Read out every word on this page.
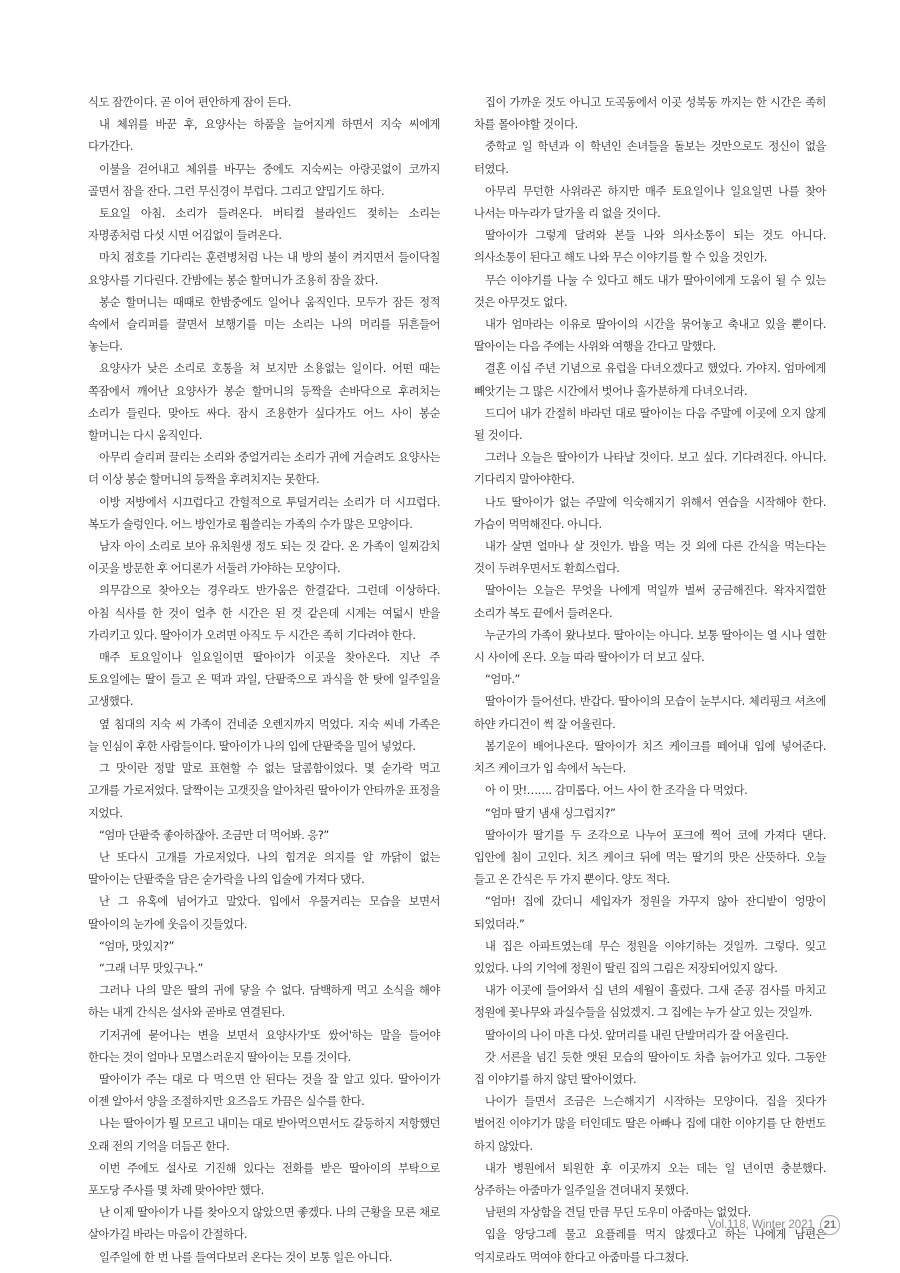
식도 잠깐이다. 곧 이어 편안하게 잠이 든다.

내 체위를 바꾼 후, 요양사는 하품을 늘어지게 하면서 지숙 씨에게 다가간다.

이불을 걷어내고 체위를 바꾸는 중에도 지숙씨는 아랑곳없이 코까지 골면서 잠을 잔다. 그런 무신경이 부럽다. 그리고 얄밉기도 하다.

토요일 아침. 소리가 들려온다. 버티컬 블라인드 젖히는 소리는 자명종처럼 다섯 시면 어김없이 들려온다.

마치 점호를 기다리는 훈련병처럼 나는 내 방의 불이 켜지면서 들이닥칠 요양사를 기다린다. 간밤에는 봉순 할머니가 조용히 잠을 잤다.

봉순 할머니는 때때로 한밤중에도 일어나 움직인다. 모두가 잠든 정적 속에서 슬리퍼를 끌면서 보행기를 미는 소리는 나의 머리를 뒤흔들어 놓는다.

요양사가 낮은 소리로 호통을 쳐 보지만 소용없는 일이다. 어떤 때는 쪽잠에서 깨어난 요양사가 봉순 할머니의 등짝을 손바닥으로 후려치는 소리가 들린다. 맞아도 싸다. 잠시 조용한가 싶다가도 어느 사이 봉순 할머니는 다시 움직인다.

아무리 슬리퍼 끌리는 소리와 중얼거리는 소리가 귀에 거슬려도 요양사는 더 이상 봉순 할머니의 등짝을 후려치지는 못한다.

이방 저방에서 시끄럽다고 간헐적으로 투덜거리는 소리가 더 시끄럽다. 복도가 술렁인다. 어느 방인가로 휩쓸리는 가족의 수가 많은 모양이다.

남자 아이 소리로 보아 유치원생 정도 되는 것 같다. 온 가족이 일찌감치 이곳을 방문한 후 어디론가 서둘러 가야하는 모양이다.

의무감으로 찾아오는 경우라도 반가움은 한결같다. 그런데 이상하다. 아침 식사를 한 것이 얼추 한 시간은 된 것 같은데 시계는 여덟시 반을 가리키고 있다. 딸아이가 오려면 아직도 두 시간은 족히 기다려야 한다.

매주 토요일이나 일요일이면 딸아이가 이곳을 찾아온다. 지난 주 토요일에는 딸이 들고 온 떡과 과일, 단팥죽으로 과식을 한 탓에 일주일을 고생했다.

옆 침대의 지숙 씨 가족이 건네준 오렌지까지 먹었다. 지숙 씨네 가족은 늘 인심이 후한 사람들이다. 딸아이가 나의 입에 단팥죽을 밀어 넣었다.

그 맛이란 정말 말로 표현할 수 없는 달콤함이었다. 몇 숟가락 먹고 고개를 가로저었다. 달짝이는 고갯짓을 알아차린 딸아이가 안타까운 표정을 지었다.

“엄마 단팥죽 좋아하잖아. 조금만 더 먹어봐. 응?”

난 또다시 고개를 가로저었다. 나의 힘겨운 의지를 알 까닭이 없는 딸아이는 단팥죽을 담은 숟가락을 나의 입술에 가져다 댔다.

난 그 유혹에 넘어가고 말았다. 입에서 우물거리는 모습을 보면서 딸아이의 눈가에 웃음이 깃들었다.

“엄마, 맛있지?”

“그래 너무 맛있구나.”

그러나 나의 말은 딸의 귀에 닿을 수 없다. 담백하게 먹고 소식을 해야 하는 내게 간식은 설사와 곧바로 연결된다.

기저귀에 묻어나는 변을 보면서 요양사가'또 쌌어'하는 말을 들어야 한다는 것이 얼마나 모멸스러운지 딸아이는 모를 것이다.

딸아이가 주는 대로 다 먹으면 안 된다는 것을 잘 알고 있다. 딸아이가 이젠 알아서 양을 조절하지만 요즈음도 가끔은 실수를 한다.

나는 딸아이가 뭘 모르고 내미는 대로 받아먹으면서도 갈등하지 저항했던 오래 전의 기억을 더듬곤 한다.

이번 주에도 설사로 기진해 있다는 전화를 받은 딸아이의 부탁으로 포도당 주사를 몇 차례 맞아야만 했다.

난 이제 딸아이가 나를 찾아오지 않았으면 좋겠다. 나의 근황을 모른 채로 살아가길 바라는 마음이 간절하다.

일주일에 한 번 나를 들여다보러 온다는 것이 보통 일은 아니다.

집이 가까운 것도 아니고 도곡동에서 이곳 성북동 까지는 한 시간은 족히 차를 몰아야할 것이다.

중학교 일 학년과 이 학년인 손녀들을 돌보는 것만으로도 정신이 없을 터였다.

아무리 무던한 사위라곤 하지만 매주 토요일이나 일요일면 나를 찾아 나서는 마누라가 달가울 리 없을 것이다.

딸아이가 그렇게 달려와 본들 나와 의사소통이 되는 것도 아니다. 의사소통이 된다고 해도 나와 무슨 이야기를 할 수 있을 것인가.

무슨 이야기를 나눌 수 있다고 해도 내가 딸아이에게 도움이 될 수 있는 것은 아무것도 없다.

내가 엄마라는 이유로 딸아이의 시간을 묶어놓고 축내고 있을 뿐이다. 딸아이는 다음 주에는 사위와 여행을 간다고 말했다.

결혼 이십 주년 기념으로 유럽을 다녀오겠다고 했었다. 가야지. 엄마에게 빼앗기는 그 많은 시간에서 벗어나 홀가분하게 다녀오너라.

드디어 내가 간절히 바라던 대로 딸아이는 다음 주말에 이곳에 오지 않게 될 것이다.

그러나 오늘은 딸아이가 나타날 것이다. 보고 싶다. 기다려진다. 아니다. 기다리지 말아야한다.

나도 딸아이가 없는 주말에 익숙해지기 위해서 연습을 시작해야 한다. 가슴이 먹먹해진다. 아니다.

내가 살면 얼마나 살 것인가. 밥을 먹는 것 외에 다른 간식을 먹는다는 것이 두려우면서도 환희스럽다.

딸아이는 오늘은 무엇을 나에게 먹일까 벌써 궁금해진다. 왁자지껄한 소리가 복도 끝에서 들려온다.

누군가의 가족이 왔나보다. 딸아이는 아니다. 보통 딸아이는 열 시나 열한 시 사이에 온다. 오늘 따라 딸아이가 더 보고 싶다.

“엄마.”

딸아이가 들어선다. 반갑다. 딸아이의 모습이 눈부시다. 체리핑크 셔츠에 하얀 카디건이 썩 잘 어울린다.

봄기운이 배어나온다. 딸아이가 치즈 케이크를 떼어내 입에 넣어준다. 치즈 케이크가 입 속에서 녹는다.

아 이 맛!……. 감미롭다. 어느 사이 한 조각을 다 먹었다.

“엄마 딸기 냄새 싱그럽지?”

딸아이가 딸기를 두 조각으로 나누어 포크에 찍어 코에 가져다 댄다. 입안에 침이 고인다. 치즈 케이크 뒤에 먹는 딸기의 맛은 산뜻하다. 오늘 들고 온 간식은 두 가지 뿐이다. 양도 적다.

“엄마! 집에 갔더니 세입자가 정원을 가꾸지 않아 잔디밭이 엉망이 되었더라.”

내 집은 아파트였는데 무슨 정원을 이야기하는 것일까. 그렇다. 잊고 있었다. 나의 기억에 정원이 딸린 집의 그림은 저장되어있지 않다.

내가 이곳에 들어와서 십 년의 세월이 흘렀다. 그새 준공 검사를 마치고 정원에 꽃나무와 과실수들을 심었겠지. 그 집에는 누가 살고 있는 것일까.

딸아이의 나이 마흔 다섯. 앞머리를 내린 단발머리가 잘 어울린다.

갓 서른을 넘긴 듯한 앳된 모습의 딸아이도 차츰 늙어가고 있다. 그동안 집 이야기를 하지 않던 딸아이였다.

나이가 들면서 조금은 느슨해지기 시작하는 모양이다. 집을 짓다가 벌어진 이야기가 많을 터인데도 딸은 아빠나 집에 대한 이야기를 단 한번도 하지 않았다.

내가 병원에서 퇴원한 후 이곳까지 오는 데는 일 년이면 충분했다. 상주하는 아줌마가 일주일을 견뎌내지 못했다.

남편의 자상함을 견딜 만큼 무딘 도우미 아줌마는 없었다.

입을 앙당그레 물고 요플레를 먹지 않겠다고 하는 나에게 남편은 억지로라도 먹여야 한다고 아줌마를 다그쳤다.

Vol.118, Winter 2021 21
